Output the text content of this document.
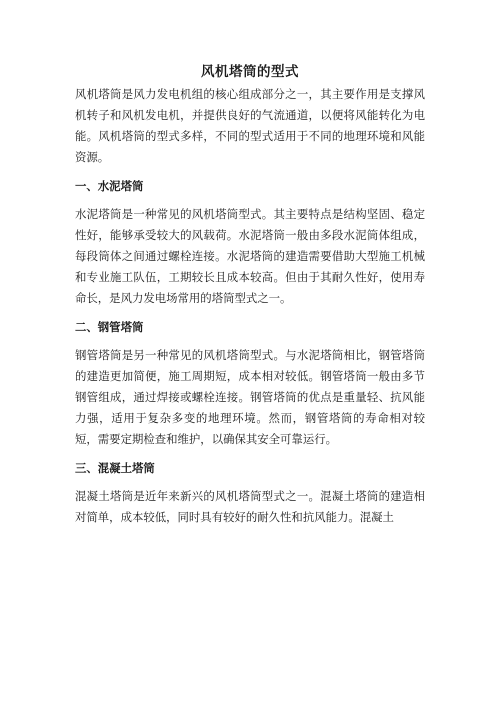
风机塔筒的型式

风机塔筒是风力发电机组的核心组成部分之一，其主要作用是支撑风机转子和风机发电机，并提供良好的气流通道，以便将风能转化为电能。风机塔筒的型式多样，不同的型式适用于不同的地理环境和风能资源。

一、水泥塔筒

水泥塔筒是一种常见的风机塔筒型式。其主要特点是结构坚固、稳定性好，能够承受较大的风载荷。水泥塔筒一般由多段水泥筒体组成，每段筒体之间通过螺栓连接。水泥塔筒的建造需要借助大型施工机械和专业施工队伍，工期较长且成本较高。但由于其耐久性好，使用寿命长，是风力发电场常用的塔筒型式之一。

二、钢管塔筒

钢管塔筒是另一种常见的风机塔筒型式。与水泥塔筒相比，钢管塔筒的建造更加简便，施工周期短，成本相对较低。钢管塔筒一般由多节钢管组成，通过焊接或螺栓连接。钢管塔筒的优点是重量轻、抗风能力强，适用于复杂多变的地理环境。然而，钢管塔筒的寿命相对较短，需要定期检查和维护，以确保其安全可靠运行。

三、混凝土塔筒

混凝土塔筒是近年来新兴的风机塔筒型式之一。混凝土塔筒的建造相对简单，成本较低，同时具有较好的耐久性和抗风能力。混凝土
